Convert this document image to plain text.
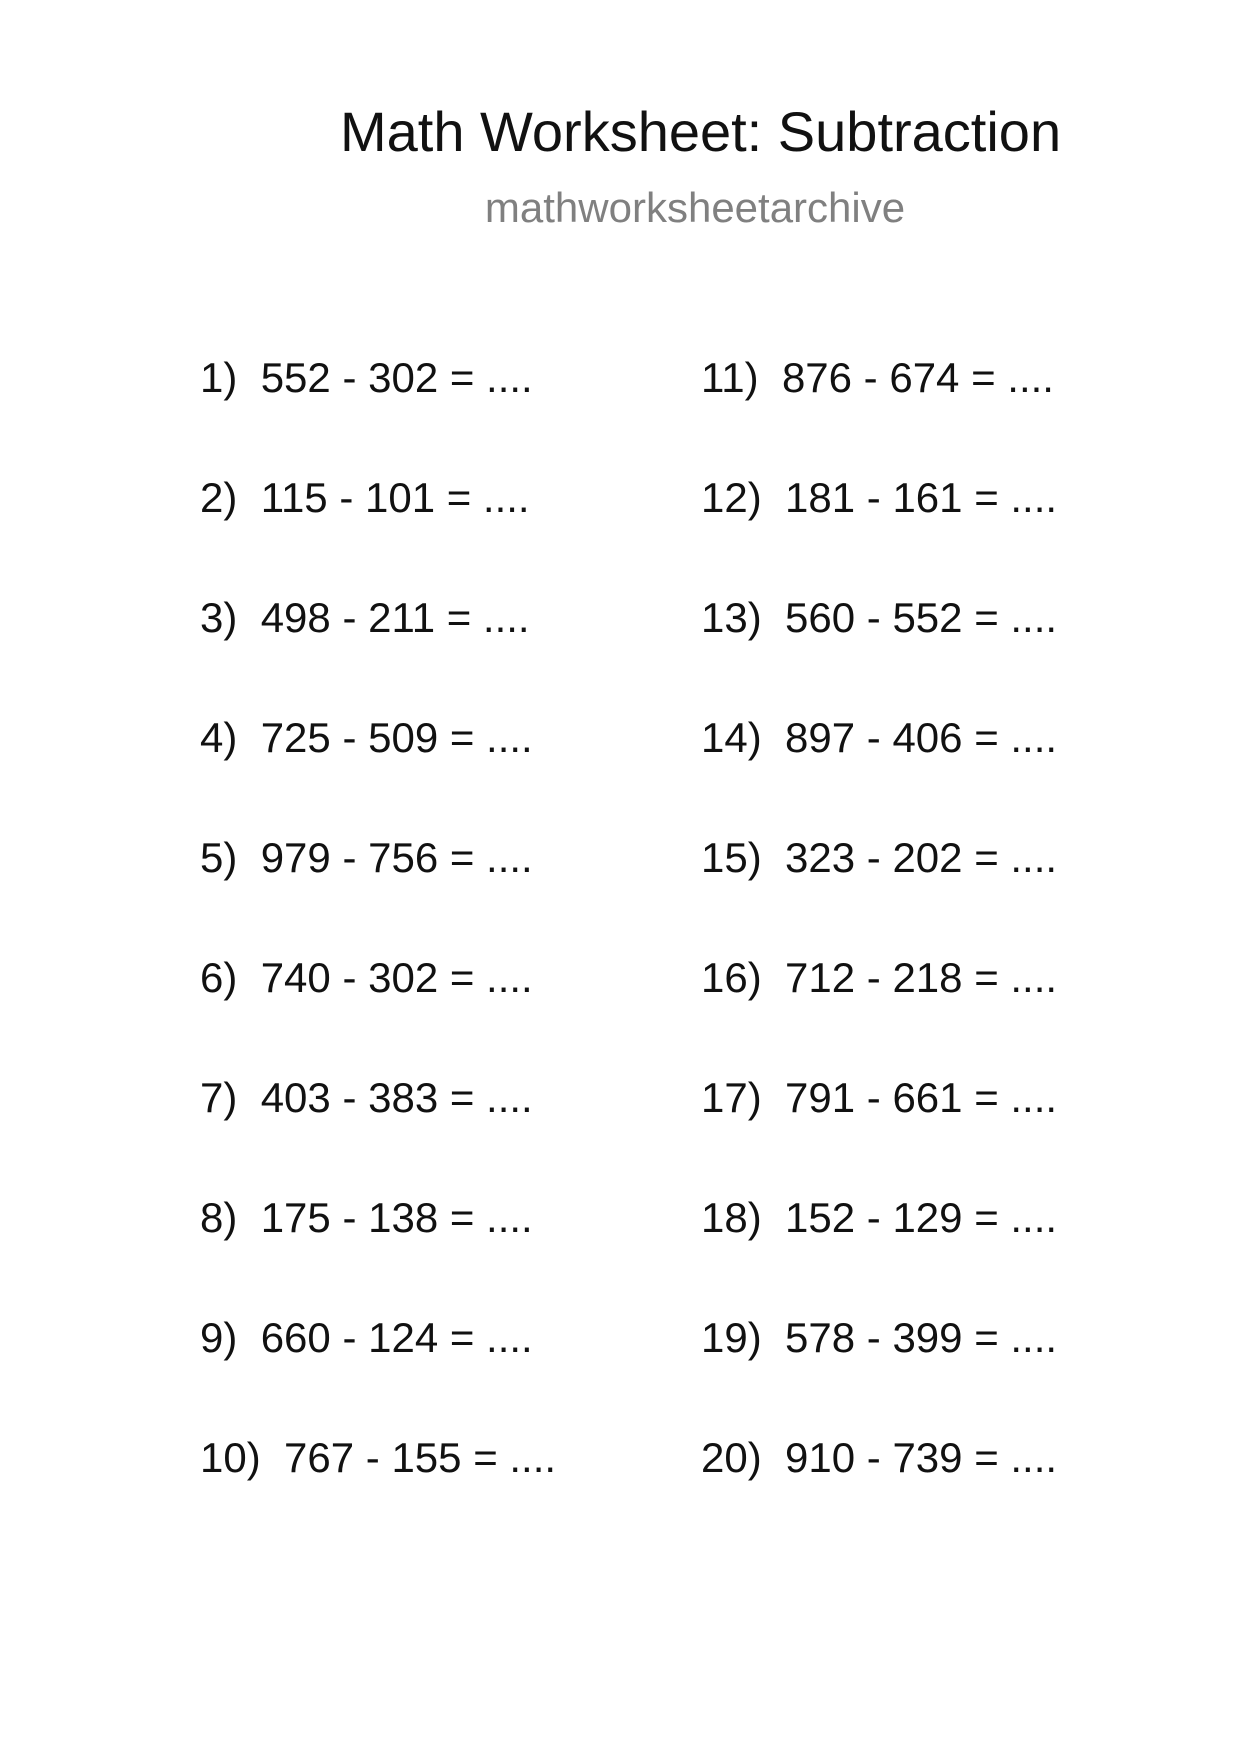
Math Worksheet: Subtraction
mathworksheetarchive
1) 552 - 302 = ....
2) 115 - 101 = ....
3) 498 - 211 = ....
4) 725 - 509 = ....
5) 979 - 756 = ....
6) 740 - 302 = ....
7) 403 - 383 = ....
8) 175 - 138 = ....
9) 660 - 124 = ....
10) 767 - 155 = ....
11) 876 - 674 = ....
12) 181 - 161 = ....
13) 560 - 552 = ....
14) 897 - 406 = ....
15) 323 - 202 = ....
16) 712 - 218 = ....
17) 791 - 661 = ....
18) 152 - 129 = ....
19) 578 - 399 = ....
20) 910 - 739 = ....
